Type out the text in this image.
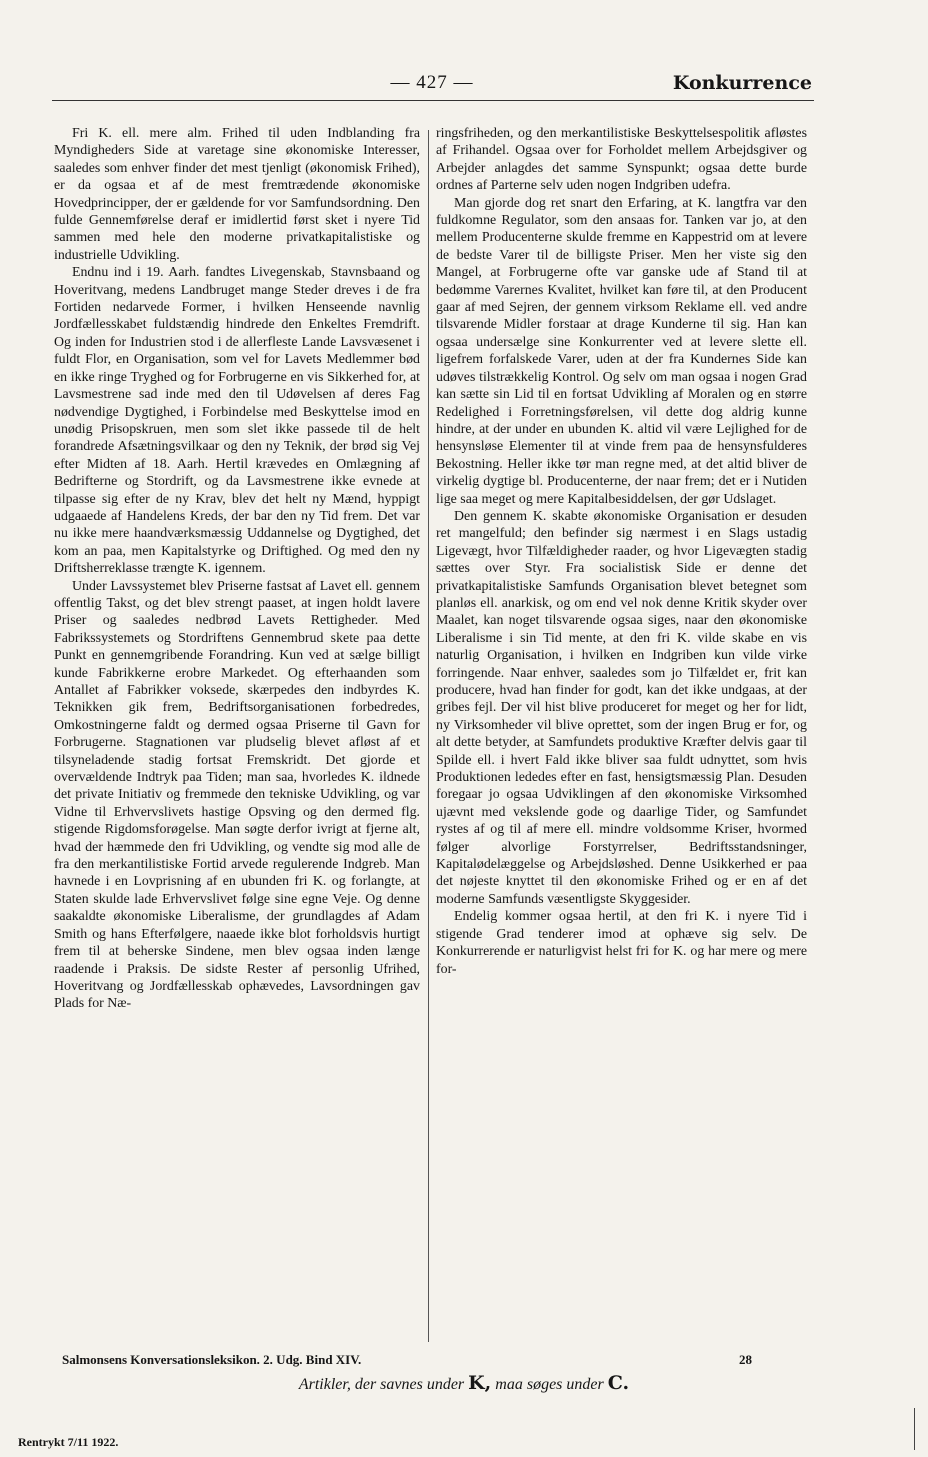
— 427 —	Konkurrence

Fri K. ell. mere alm. Frihed til uden Indblanding fra Myndigheders Side at varetage sine økonomiske Interesser, saaledes som enhver finder det mest tjenligt (økonomisk Frihed), er da ogsaa et af de mest fremtrædende økonomiske Hovedprincipper, der er gældende for vor Samfundsordning. Den fulde Gennemførelse deraf er imidlertid først sket i nyere Tid sammen med hele den moderne privatkapitalistiske og industrielle Udvikling.

Endnu ind i 19. Aarh. fandtes Livegenskab, Stavnsbaand og Hoveritvang, medens Landbruget mange Steder dreves i de fra Fortiden nedarvede Former, i hvilken Henseende navnlig Jordfællesskabet fuldstændig hindrede den Enkeltes Fremdrift. Og inden for Industrien stod i de allerfleste Lande Lavsvæsenet i fuldt Flor, en Organisation, som vel for Lavets Medlemmer bød en ikke ringe Tryghed og for Forbrugerne en vis Sikkerhed for, at Lavsmestrene sad inde med den til Udøvelsen af deres Fag nødvendige Dygtighed, i Forbindelse med Beskyttelse imod en unødig Prisopskruen, men som slet ikke passede til de helt forandrede Afsætningsvilkaar og den ny Teknik, der brød sig Vej efter Midten af 18. Aarh. Hertil krævedes en Omlægning af Bedrifterne og Stordrift, og da Lavsmestrene ikke evnede at tilpasse sig efter de ny Krav, blev det helt ny Mænd, hyppigt udgaaede af Handelens Kreds, der bar den ny Tid frem. Det var nu ikke mere haandværksmæssig Uddannelse og Dygtighed, det kom an paa, men Kapitalstyrke og Driftighed. Og med den ny Driftsherreklasse trængte K. igennem.

Under Lavssystemet blev Priserne fastsat af Lavet ell. gennem offentlig Takst, og det blev strengt paaset, at ingen holdt lavere Priser og saaledes nedbrød Lavets Rettigheder. Med Fabrikssystemets og Stordriftens Gennembrud skete paa dette Punkt en gennemgribende Forandring. Kun ved at sælge billigt kunde Fabrikkerne erobre Markedet. Og efterhaanden som Antallet af Fabrikker voksede, skærpedes den indbyrdes K. Teknikken gik frem, Bedriftsorganisationen forbedredes, Omkostningerne faldt og dermed ogsaa Priserne til Gavn for Forbrugerne. Stagnationen var pludselig blevet afløst af et tilsyneladende stadig fortsat Fremskridt. Det gjorde et overvældende Indtryk paa Tiden; man saa, hvorledes K. ildnede det private Initiativ og fremmede den tekniske Udvikling, og var Vidne til Erhvervslivets hastige Opsving og den dermed flg. stigende Rigdomsforøgelse. Man søgte derfor ivrigt at fjerne alt, hvad der hæmmede den fri Udvikling, og vendte sig mod alle de fra den merkantilistiske Fortid arvede regulerende Indgreb. Man havnede i en Lovprisning af en ubunden fri K. og forlangte, at Staten skulde lade Erhvervslivet følge sine egne Veje. Og denne saakaldte økonomiske Liberalisme, der grundlagdes af Adam Smith og hans Efterfølgere, naaede ikke blot forholdsvis hurtigt frem til at beherske Sindene, men blev ogsaa inden længe raadende i Praksis. De sidste Rester af personlig Ufrihed, Hoveritvang og Jordfællesskab ophævedes, Lavsordningen gav Plads for Næ-

ringsfriheden, og den merkantilistiske Beskyttelsespolitik afløstes af Frihandel. Ogsaa over for Forholdet mellem Arbejdsgiver og Arbejder anlagdes det samme Synspunkt; ogsaa dette burde ordnes af Parterne selv uden nogen Indgriben udefra.

Man gjorde dog ret snart den Erfaring, at K. langtfra var den fuldkomne Regulator, som den ansaas for. Tanken var jo, at den mellem Producenterne skulde fremme en Kappestrid om at levere de bedste Varer til de billigste Priser. Men her viste sig den Mangel, at Forbrugerne ofte var ganske ude af Stand til at bedømme Varernes Kvalitet, hvilket kan føre til, at den Producent gaar af med Sejren, der gennem virksom Reklame ell. ved andre tilsvarende Midler forstaar at drage Kunderne til sig. Han kan ogsaa undersælge sine Konkurrenter ved at levere slette ell. ligefrem forfalskede Varer, uden at der fra Kundernes Side kan udøves tilstrækkelig Kontrol. Og selv om man ogsaa i nogen Grad kan sætte sin Lid til en fortsat Udvikling af Moralen og en større Redelighed i Forretningsførelsen, vil dette dog aldrig kunne hindre, at der under en ubunden K. altid vil være Lejlighed for de hensynsløse Elementer til at vinde frem paa de hensynsfulderes Bekostning. Heller ikke tør man regne med, at det altid bliver de virkelig dygtige bl. Producenterne, der naar frem; det er i Nutiden lige saa meget og mere Kapitalbesiddelsen, der gør Udslaget.

Den gennem K. skabte økonomiske Organisation er desuden ret mangelfuld; den befinder sig nærmest i en Slags ustadig Ligevægt, hvor Tilfældigheder raader, og hvor Ligevægten stadig sættes over Styr. Fra socialistisk Side er denne det privatkapitalistiske Samfunds Organisation blevet betegnet som planløs ell. anarkisk, og om end vel nok denne Kritik skyder over Maalet, kan noget tilsvarende ogsaa siges, naar den økonomiske Liberalisme i sin Tid mente, at den fri K. vilde skabe en vis naturlig Organisation, i hvilken en Indgriben kun vilde virke forringende. Naar enhver, saaledes som jo Tilfældet er, frit kan producere, hvad han finder for godt, kan det ikke undgaas, at der gribes fejl. Der vil hist blive produceret for meget og her for lidt, ny Virksomheder vil blive oprettet, som der ingen Brug er for, og alt dette betyder, at Samfundets produktive Kræfter delvis gaar til Spilde ell. i hvert Fald ikke bliver saa fuldt udnyttet, som hvis Produktionen lededes efter en fast, hensigtsmæssig Plan. Desuden foregaar jo ogsaa Udviklingen af den økonomiske Virksomhed ujævnt med vekslende gode og daarlige Tider, og Samfundet rystes af og til af mere ell. mindre voldsomme Kriser, hvormed følger alvorlige Forstyrrelser, Bedriftsstandsninger, Kapitalødelæggelse og Arbejdsløshed. Denne Usikkerhed er paa det nøjeste knyttet til den økonomiske Frihed og er en af det moderne Samfunds væsentligste Skyggesider.

Endelig kommer ogsaa hertil, at den fri K. i nyere Tid i stigende Grad tenderer imod at ophæve sig selv. De Konkurrerende er naturligvist helst fri for K. og har mere og mere for-

Salmonsens Konversationsleksikon. 2. Udg. Bind XIV.	28
Artikler, der savnes under K, maa søges under C.
Rentrykt 7/11 1922.
